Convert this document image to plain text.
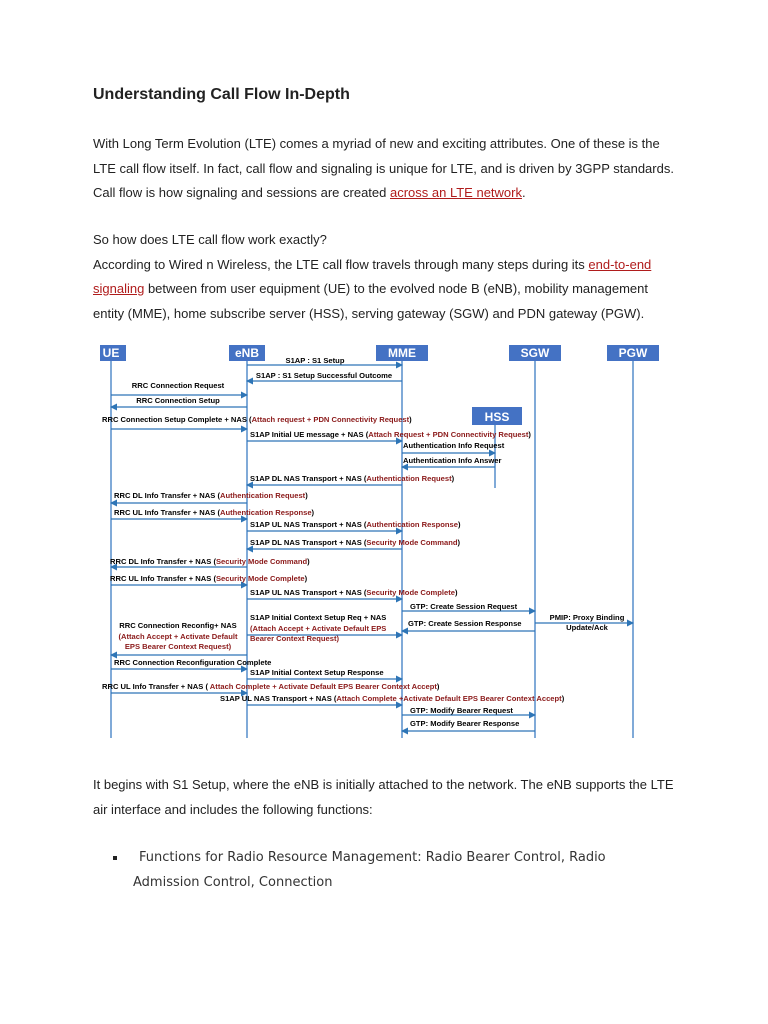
Understanding Call Flow In-Depth

With Long Term Evolution (LTE) comes a myriad of new and exciting attributes. One of these is the LTE call flow itself. In fact, call flow and signaling is unique for LTE, and is driven by 3GPP standards. Call flow is how signaling and sessions are created across an LTE network.

So how does LTE call flow work exactly?
According to Wired n Wireless, the LTE call flow travels through many steps during its end-to-end signaling between from user equipment (UE) to the evolved node B (eNB), mobility management entity (MME), home subscribe server (HSS), serving gateway (SGW) and PDN gateway (PGW).

UE	eNB	MME	SGW	PGW
HSS
S1AP : S1 Setup
S1AP : S1 Setup Successful Outcome
RRC Connection Request
RRC Connection Setup
RRC Connection Setup Complete + NAS (Attach request + PDN Connectivity Request)
S1AP Initial UE message + NAS (Attach Request + PDN Connectivity Request)
Authentication Info Request
Authentication Info Answer
S1AP DL NAS Transport + NAS (Authentication Request)
RRC DL Info Transfer + NAS (Authentication Request)
RRC UL Info Transfer + NAS (Authentication Response)
S1AP UL NAS Transport + NAS (Authentication Response)
S1AP DL NAS Transport + NAS (Security Mode Command)
RRC DL Info Transfer + NAS (Security Mode Command)
RRC UL Info Transfer + NAS (Security Mode Complete)
S1AP UL NAS Transport + NAS (Security Mode Complete)
GTP: Create Session Request
PMIP: Proxy Binding
Update/Ack
S1AP Initial Context Setup Req + NAS
(Attach Accept + Activate Default EPS
Bearer Context Request)
GTP: Create Session Response
RRC Connection Reconfig+ NAS
(Attach Accept + Activate Default
EPS Bearer Context Request)
RRC Connection Reconfiguration Complete
S1AP Initial Context Setup Response
RRC UL Info Transfer + NAS ( Attach Complete + Activate Default EPS Bearer Context Accept)
S1AP UL NAS Transport + NAS (Attach Complete +Activate Default EPS Bearer Context Accept)
GTP: Modify Bearer Request
GTP: Modify Bearer Response

It begins with S1 Setup, where the eNB is initially attached to the network. The eNB supports the LTE air interface and includes the following functions:

Functions for Radio Resource Management: Radio Bearer Control, Radio Admission Control, Connection
